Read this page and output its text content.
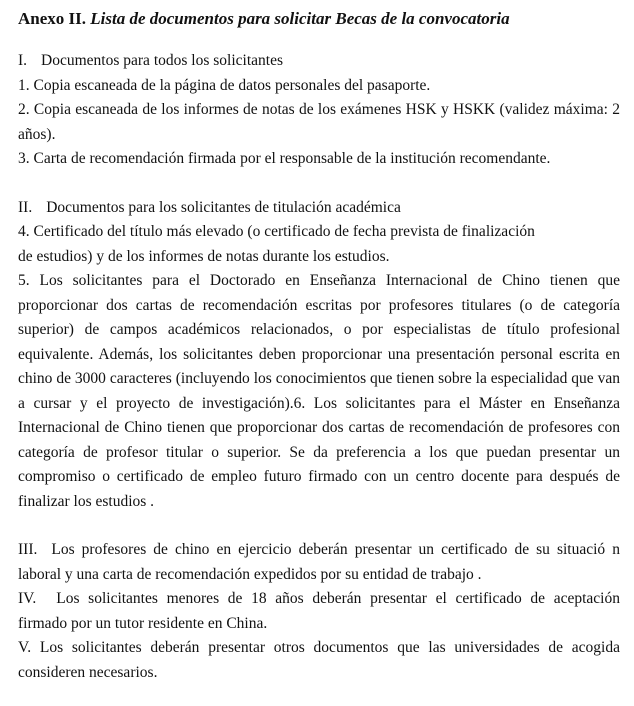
Anexo II. Lista de documentos para solicitar Becas de la convocatoria
I. Documentos para todos los solicitantes
1. Copia escaneada de la página de datos personales del pasaporte.
2. Copia escaneada de los informes de notas de los exámenes HSK y HSKK (validez máxima: 2 años).
3. Carta de recomendación firmada por el responsable de la institución recomendante.
II. Documentos para los solicitantes de titulación académica
4. Certificado del título más elevado (o certificado de fecha prevista de finalización
de estudios) y de los informes de notas durante los estudios.
5. Los solicitantes para el Doctorado en Enseñanza Internacional de Chino tienen que proporcionar dos cartas de recomendación escritas por profesores titulares (o de categoría superior) de campos académicos relacionados, o por especialistas de título profesional equivalente. Además, los solicitantes deben proporcionar una presentación personal escrita en chino de 3000 caracteres (incluyendo los conocimientos que tienen sobre la especialidad que van a cursar y el proyecto de investigación).6. Los solicitantes para el Máster en Enseñanza Internacional de Chino tienen que proporcionar dos cartas de recomendación de profesores con categoría de profesor titular o superior. Se da preferencia a los que puedan presentar un compromiso o certificado de empleo futuro firmado con un centro docente para después de finalizar los estudios .
III. Los profesores de chino en ejercicio deberán presentar un certificado de su situació n laboral y una carta de recomendación expedidos por su entidad de trabajo .
IV. Los solicitantes menores de 18 años deberán presentar el certificado de aceptación firmado por un tutor residente en China.
V. Los solicitantes deberán presentar otros documentos que las universidades de acogida consideren necesarios.
